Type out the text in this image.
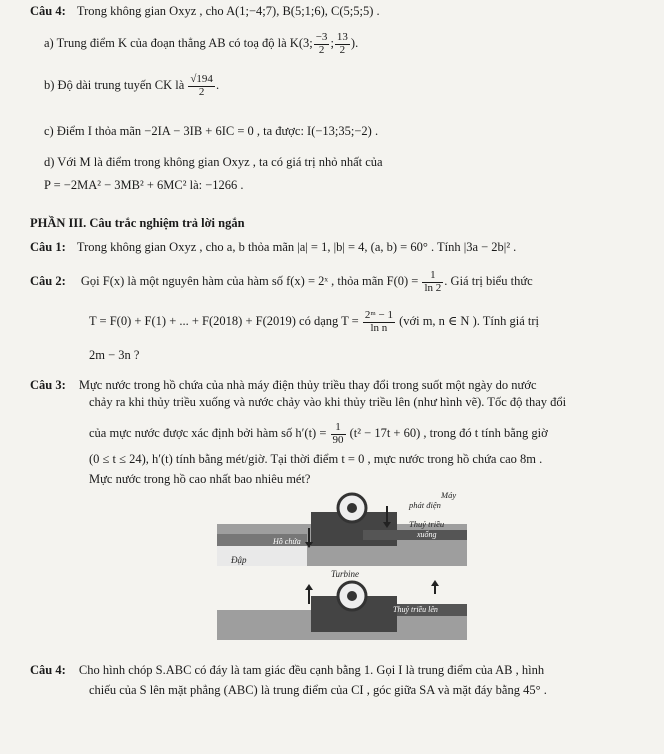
Câu 4: Trong không gian Oxyz , cho A(1;−4;7), B(5;1;6), C(5;5;5) .
a) Trung điểm K của đoạn thẳng AB có toạ độ là K(3; $\frac{-3}{2}$ ; $\frac{13}{2}$ ).
b) Độ dài trung tuyến CK là $\frac{√194}{2}$ .
c) Điểm I thỏa mãn −2IA − 3IB + 6IC = 0 , ta được: I(−13;35;−2) .
d) Với M là điểm trong không gian Oxyz , ta có giá trị nhỏ nhất của
P = −2MA² − 3MB² + 6MC² là: −1266 .
PHẦN III. Câu trắc nghiệm trả lời ngắn
Câu 1: Trong không gian Oxyz , cho a, b thỏa mãn |a| = 1, |b| = 4, (a, b) = 60° . Tính |3a − 2b|² .
Câu 2: Gọi F(x) là một nguyên hàm của hàm số f(x) = 2ˣ , thỏa mãn $F(0) = \frac{1}{\ln 2}$ . Giá trị biểu thức
T = F(0) + F(1) + ... + F(2018) + F(2019) có dạng $T = \frac{\text{2ᵐ − 1}}{\text{ln n}}$ (với m, n ∈ N ). Tính giá trị
2m − 3n ?
Câu 3: Mực nước trong hồ chứa của nhà máy điện thủy triều thay đổi trong suốt một ngày do nước
chảy ra khi thủy triều xuống và nước chảy vào khi thủy triều lên (như hình vẽ). Tốc độ thay đổi
của mực nước được xác định bởi hàm số $h'(t) = \frac{1}{90} (t^2 - 17t + 60)$ , trong đó t tính bằng giờ
(0 ≤ t ≤ 24), h′(t) tính bằng mét/giờ. Tại thời điểm t = 0 , mực nước trong hồ chứa cao 8m .
Mực nước trong hồ cao nhất bao nhiêu mét?
Máy
phát điện
Thuỷ triều
xuống
Hồ chứa
Đập
Turbine
Thuỷ triều lên
Câu 4: Cho hình chóp S.ABC có đáy là tam giác đều cạnh bằng 1. Gọi I là trung điểm của AB , hình
chiếu của S lên mặt phẳng (ABC) là trung điểm của CI , góc giữa SA và mặt đáy bằng 45° .
